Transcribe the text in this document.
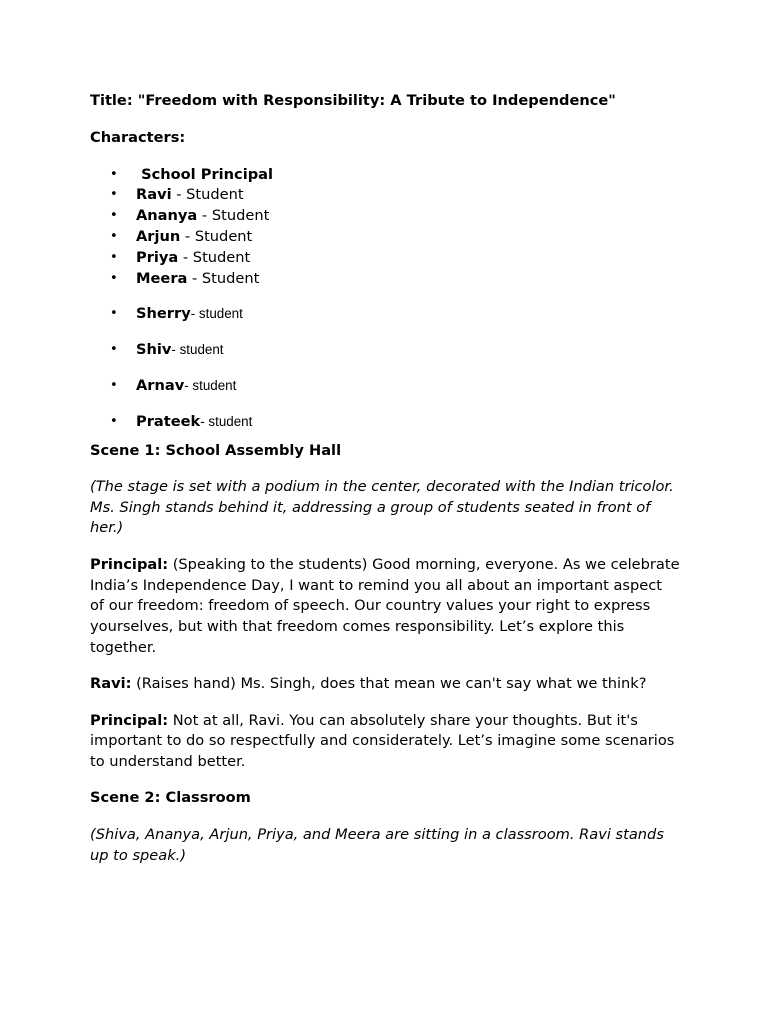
Title: "Freedom with Responsibility: A Tribute to Independence"

Characters:

• School Principal
• Ravi - Student
• Ananya - Student
• Arjun - Student
• Priya - Student
• Meera - Student
• Sherry- student
• Shiv- student
• Arnav- student
• Prateek- student

Scene 1: School Assembly Hall

(The stage is set with a podium in the center, decorated with the Indian tricolor. Ms. Singh stands behind it, addressing a group of students seated in front of her.)

Principal: (Speaking to the students) Good morning, everyone. As we celebrate India’s Independence Day, I want to remind you all about an important aspect of our freedom: freedom of speech. Our country values your right to express yourselves, but with that freedom comes responsibility. Let’s explore this together.

Ravi: (Raises hand) Ms. Singh, does that mean we can't say what we think?

Principal: Not at all, Ravi. You can absolutely share your thoughts. But it's important to do so respectfully and considerately. Let’s imagine some scenarios to understand better.

Scene 2: Classroom

(Shiva, Ananya, Arjun, Priya, and Meera are sitting in a classroom. Ravi stands up to speak.)
